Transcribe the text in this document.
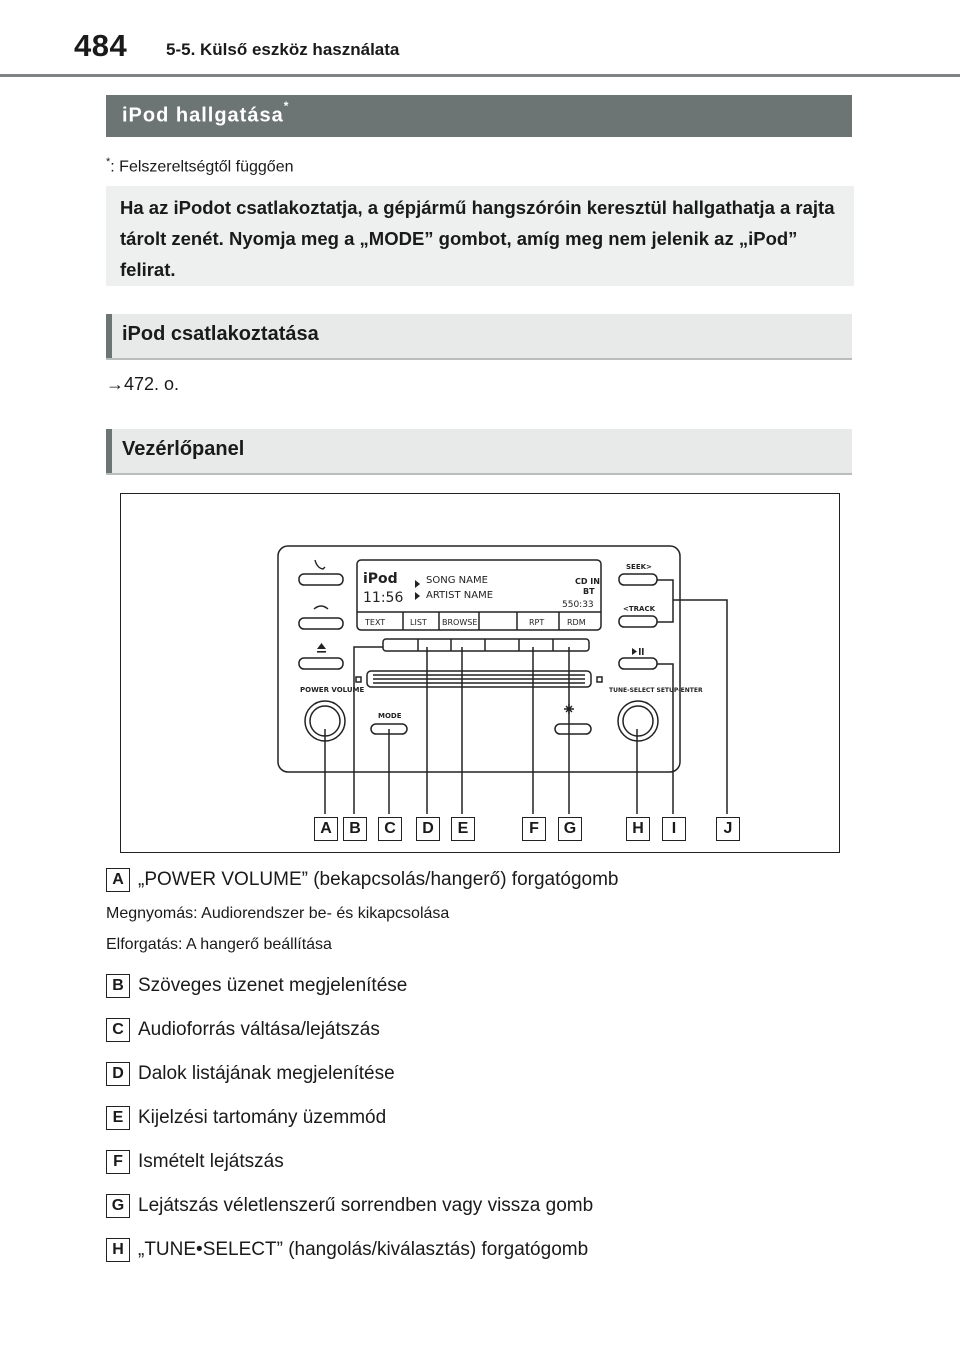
484 5-5. Külső eszköz használata
iPod hallgatása*
*: Felszereltségtől függően
Ha az iPodot csatlakoztatja, a gépjármű hangszóróin keresztül hallgathatja a rajta tárolt zenét. Nyomja meg a „MODE” gombot, amíg meg nem jelenik az „iPod” felirat.
iPod csatlakoztatása
→472. o.
Vezérlőpanel
iPod
11:56
SONG NAME
ARTIST NAME
CD IN
BT
550:33
TEXT	LIST BROWSE	RPT	RDM
POWER VOLUME
MODE
SEEK>
<TRACK
TUNE-SELECT SETUP-ENTER
A	B	C	D	E	F	G	H	I	J
A „POWER VOLUME” (bekapcsolás/hangerő) forgatógomb
Megnyomás: Audiorendszer be- és kikapcsolása
Elforgatás: A hangerő beállítása
B Szöveges üzenet megjelenítése
C Audioforrás váltása/lejátszás
D Dalok listájának megjelenítése
E Kijelzési tartomány üzemmód
F Ismételt lejátszás
G Lejátszás véletlenszerű sorrendben vagy vissza gomb
H „TUNE•SELECT” (hangolás/kiválasztás) forgatógomb
